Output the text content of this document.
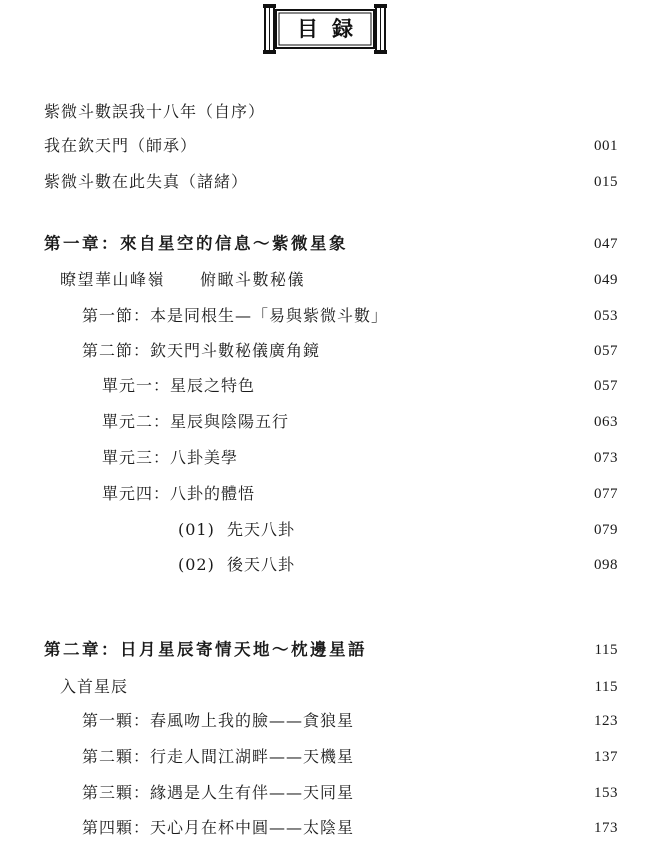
目録
紫微斗數誤我十八年（自序）
我在欽天門（師承）	001
紫微斗數在此失真（諸緒）	015
第一章：來自星空的信息～紫微星象	047
暸望華山峰嶺　　俯瞰斗數秘儀	049
第一節：本是同根生—「易與紫微斗數」	053
第二節：欽天門斗數秘儀廣角鏡	057
單元一：星辰之特色	057
單元二：星辰與陰陽五行	063
單元三：八卦美學	073
單元四：八卦的體悟	077
(01)  先天八卦	079
(02)  後天八卦	098
第二章：日月星辰寄情天地～枕邊星語	115
入首星辰	115
第一顆：春風吻上我的臉——貪狼星	123
第二顆：行走人間江湖畔——天機星	137
第三顆：緣遇是人生有伴——天同星	153
第四顆：天心月在杯中圓——太陰星	173
